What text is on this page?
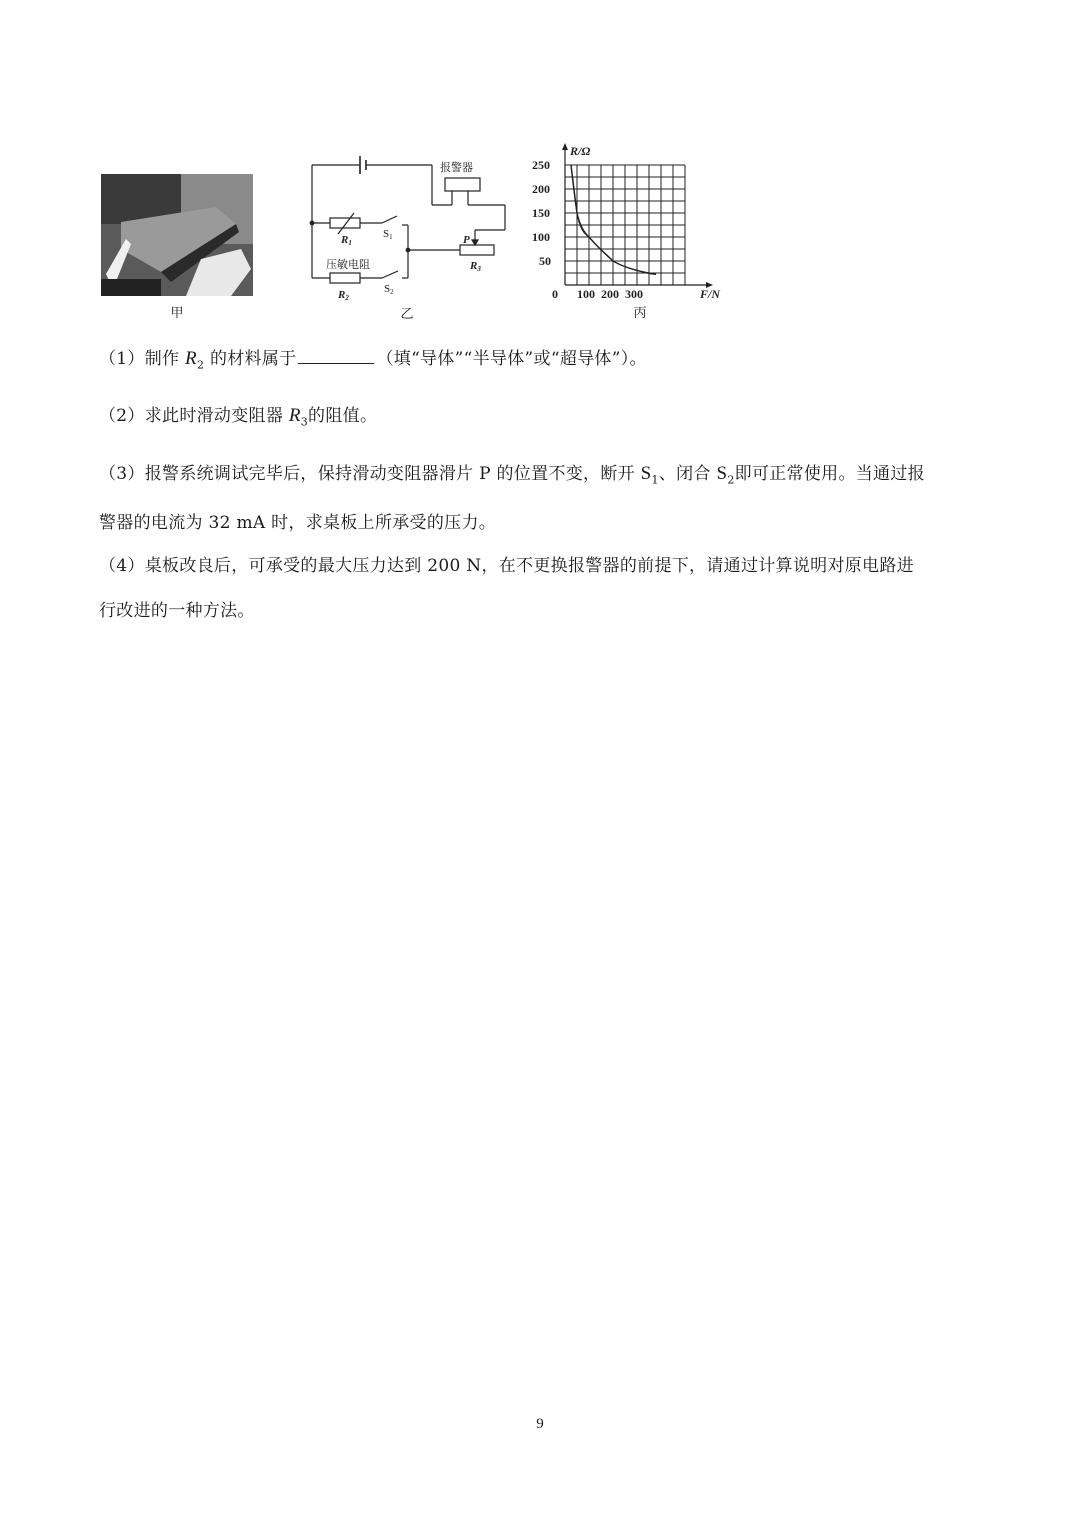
甲
报警器
R1
S1
压敏电阻
R2
S2
P
R3
乙
R/Ω
250
200
150
100
50
0 100 200 300	F/N
丙
（1）制作 $R_2$ 的材料属于	（填“导体”“半导体”或“超导体”）。
（2）求此时滑动变阻器 $R_3$的阻值。
（3）报警系统调试完毕后，保持滑动变阻器滑片 P 的位置不变，断开 $S_1$、闭合 $S_2$即可正常使用。当通过报
警器的电流为 32 mA 时，求桌板上所承受的压力。
（4）桌板改良后，可承受的最大压力达到 200 N，在不更换报警器的前提下，请通过计算说明对原电路进
行改进的一种方法。
9
